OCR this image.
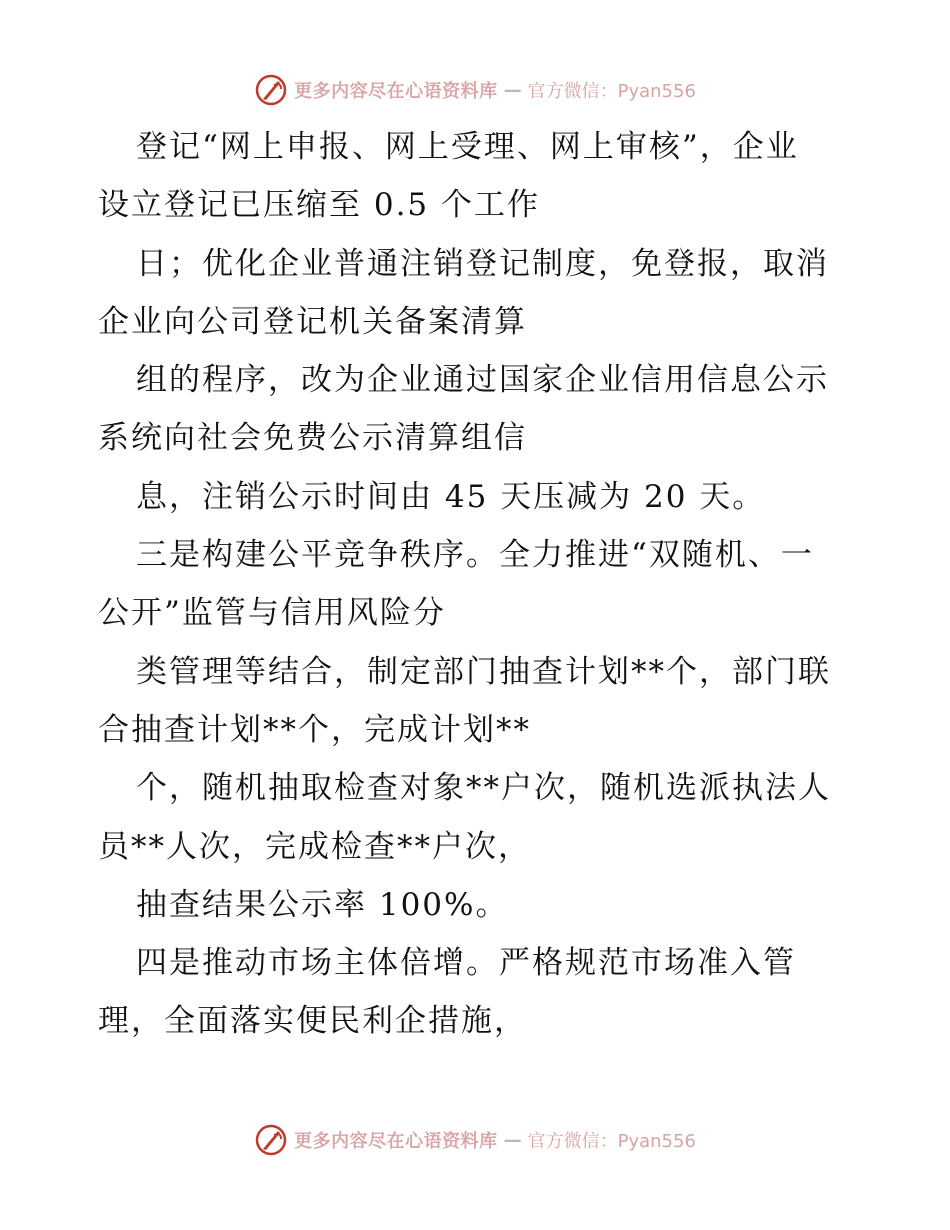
更多内容尽在心语资料库 — 官方微信：Pyan556
登记“网上申报、网上受理、网上审核”，企业
设立登记已压缩至 0.5 个工作
日；优化企业普通注销登记制度，免登报，取消
企业向公司登记机关备案清算
组的程序，改为企业通过国家企业信用信息公示
系统向社会免费公示清算组信
息，注销公示时间由 45 天压减为 20 天。
三是构建公平竞争秩序。全力推进“双随机、一
公开”监管与信用风险分
类管理等结合，制定部门抽查计划**个，部门联
合抽查计划**个，完成计划**
个，随机抽取检查对象**户次，随机选派执法人
员**人次，完成检查**户次，
抽查结果公示率 100%。
四是推动市场主体倍增。严格规范市场准入管
理，全面落实便民利企措施，
更多内容尽在心语资料库 — 官方微信：Pyan556
